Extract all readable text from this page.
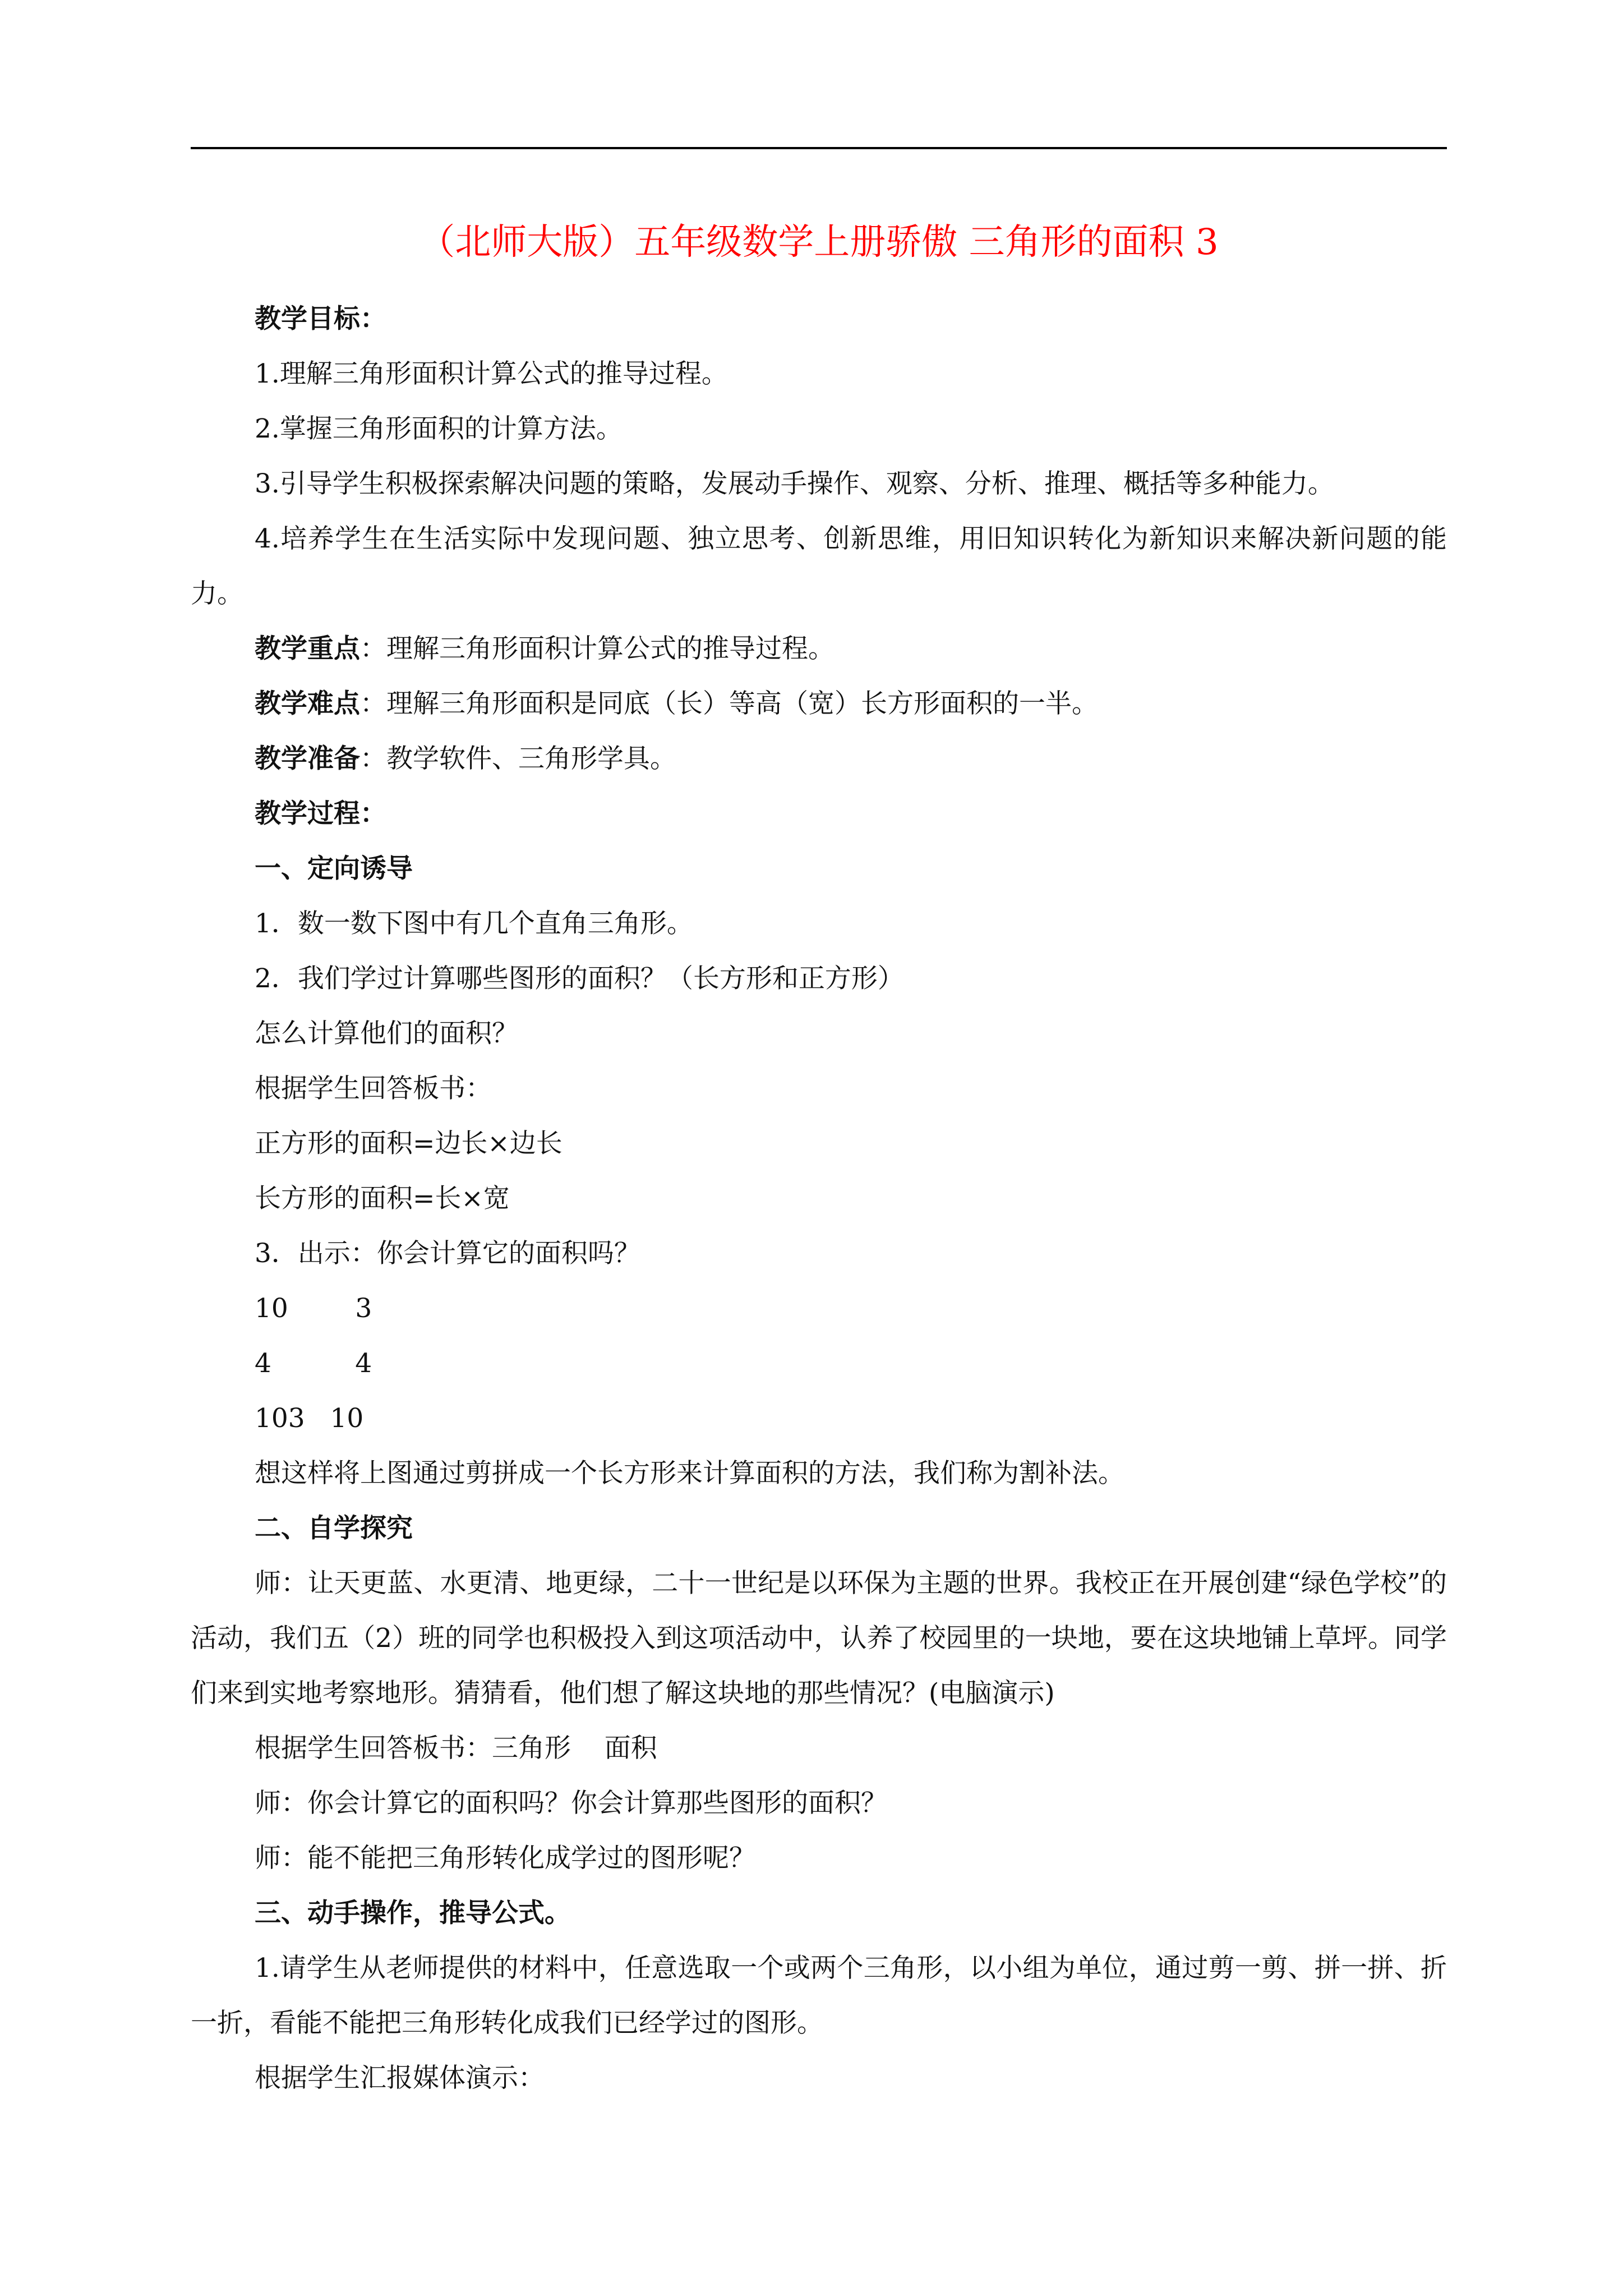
（北师大版）五年级数学上册骄傲 三角形的面积 3

教学目标：

1.理解三角形面积计算公式的推导过程。

2.掌握三角形面积的计算方法。

3.引导学生积极探索解决问题的策略，发展动手操作、观察、分析、推理、概括等多种能力。

4.培养学生在生活实际中发现问题、独立思考、创新思维，用旧知识转化为新知识来解决新问题的能力。

教学重点：理解三角形面积计算公式的推导过程。

教学难点：理解三角形面积是同底（长）等高（宽）长方形面积的一半。

教学准备：教学软件、三角形学具。

教学过程：

一、定向诱导

1．数一数下图中有几个直角三角形。

2．我们学过计算哪些图形的面积？（长方形和正方形）

怎么计算他们的面积？

根据学生回答板书：

正方形的面积=边长×边长

长方形的面积=长×宽

3．出示：你会计算它的面积吗？

10        3

4          4

103   10

想这样将上图通过剪拼成一个长方形来计算面积的方法，我们称为割补法。

二、自学探究

师：让天更蓝、水更清、地更绿，二十一世纪是以环保为主题的世界。我校正在开展创建“绿色学校”的活动，我们五（2）班的同学也积极投入到这项活动中，认养了校园里的一块地，要在这块地铺上草坪。同学们来到实地考察地形。猜猜看，他们想了解这块地的那些情况？(电脑演示)

根据学生回答板书：三角形    面积

师：你会计算它的面积吗？你会计算那些图形的面积？

师：能不能把三角形转化成学过的图形呢？

三、动手操作，推导公式。

1.请学生从老师提供的材料中，任意选取一个或两个三角形，以小组为单位，通过剪一剪、拼一拼、折一折，看能不能把三角形转化成我们已经学过的图形。

根据学生汇报媒体演示：
